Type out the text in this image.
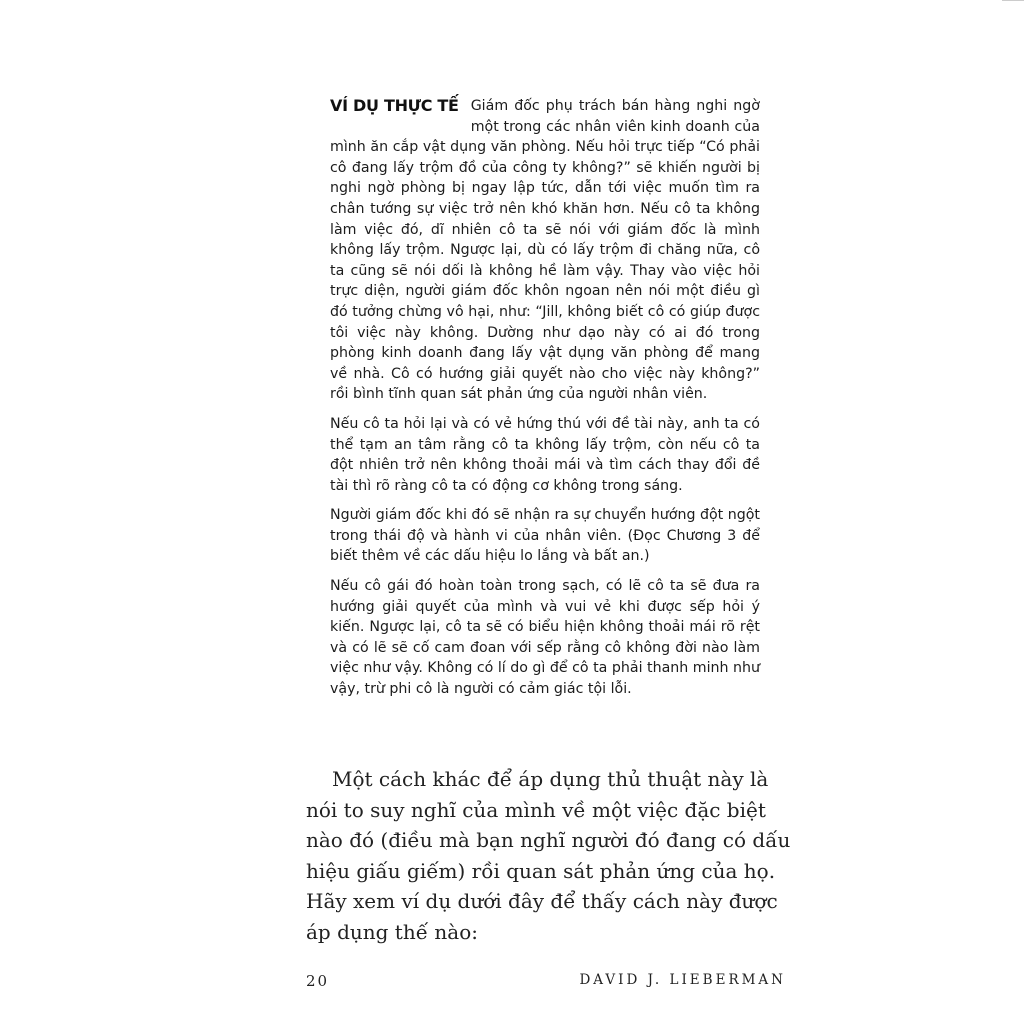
VÍ DỤ THỰC TẾ Giám đốc phụ trách bán hàng nghi ngờ một trong các nhân viên kinh doanh của mình ăn cắp vật dụng văn phòng. Nếu hỏi trực tiếp “Có phải cô đang lấy trộm đồ của công ty không?” sẽ khiến người bị nghi ngờ phòng bị ngay lập tức, dẫn tới việc muốn tìm ra chân tướng sự việc trở nên khó khăn hơn. Nếu cô ta không làm việc đó, dĩ nhiên cô ta sẽ nói với giám đốc là mình không lấy trộm. Ngược lại, dù có lấy trộm đi chăng nữa, cô ta cũng sẽ nói dối là không hề làm vậy. Thay vào việc hỏi trực diện, người giám đốc khôn ngoan nên nói một điều gì đó tưởng chừng vô hại, như: “Jill, không biết cô có giúp được tôi việc này không. Dường như dạo này có ai đó trong phòng kinh doanh đang lấy vật dụng văn phòng để mang về nhà. Cô có hướng giải quyết nào cho việc này không?” rồi bình tĩnh quan sát phản ứng của người nhân viên.

Nếu cô ta hỏi lại và có vẻ hứng thú với đề tài này, anh ta có thể tạm an tâm rằng cô ta không lấy trộm, còn nếu cô ta đột nhiên trở nên không thoải mái và tìm cách thay đổi đề tài thì rõ ràng cô ta có động cơ không trong sáng.

Người giám đốc khi đó sẽ nhận ra sự chuyển hướng đột ngột trong thái độ và hành vi của nhân viên. (Đọc Chương 3 để biết thêm về các dấu hiệu lo lắng và bất an.)

Nếu cô gái đó hoàn toàn trong sạch, có lẽ cô ta sẽ đưa ra hướng giải quyết của mình và vui vẻ khi được sếp hỏi ý kiến. Ngược lại, cô ta sẽ có biểu hiện không thoải mái rõ rệt và có lẽ sẽ cố cam đoan với sếp rằng cô không đời nào làm việc như vậy. Không có lí do gì để cô ta phải thanh minh như vậy, trừ phi cô là người có cảm giác tội lỗi.

Một cách khác để áp dụng thủ thuật này là nói to suy nghĩ của mình về một việc đặc biệt nào đó (điều mà bạn nghĩ người đó đang có dấu hiệu giấu giếm) rồi quan sát phản ứng của họ. Hãy xem ví dụ dưới đây để thấy cách này được áp dụng thế nào:

20	DAVID J. LIEBERMAN
